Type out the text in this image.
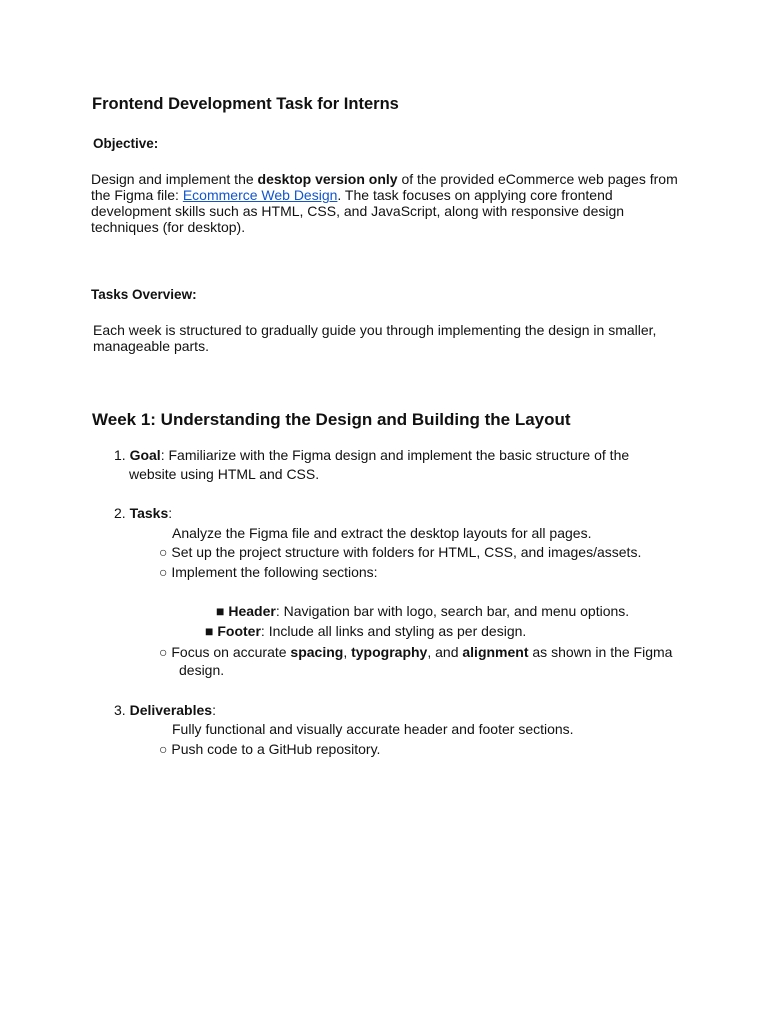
Frontend Development Task for Interns
Objective:
Design and implement the desktop version only of the provided eCommerce web pages from
the Figma file: Ecommerce Web Design. The task focuses on applying core frontend
development skills such as HTML, CSS, and JavaScript, along with responsive design
techniques (for desktop).
Tasks Overview:
Each week is structured to gradually guide you through implementing the design in smaller,
manageable parts.
Week 1: Understanding the Design and Building the Layout
1. Goal: Familiarize with the Figma design and implement the basic structure of the
website using HTML and CSS.
2. Tasks:
Analyze the Figma file and extract the desktop layouts for all pages.
○ Set up the project structure with folders for HTML, CSS, and images/assets.
○ Implement the following sections:
■ Header: Navigation bar with logo, search bar, and menu options.
■ Footer: Include all links and styling as per design.
○ Focus on accurate spacing, typography, and alignment as shown in the Figma
design.
3. Deliverables:
Fully functional and visually accurate header and footer sections.
○ Push code to a GitHub repository.
